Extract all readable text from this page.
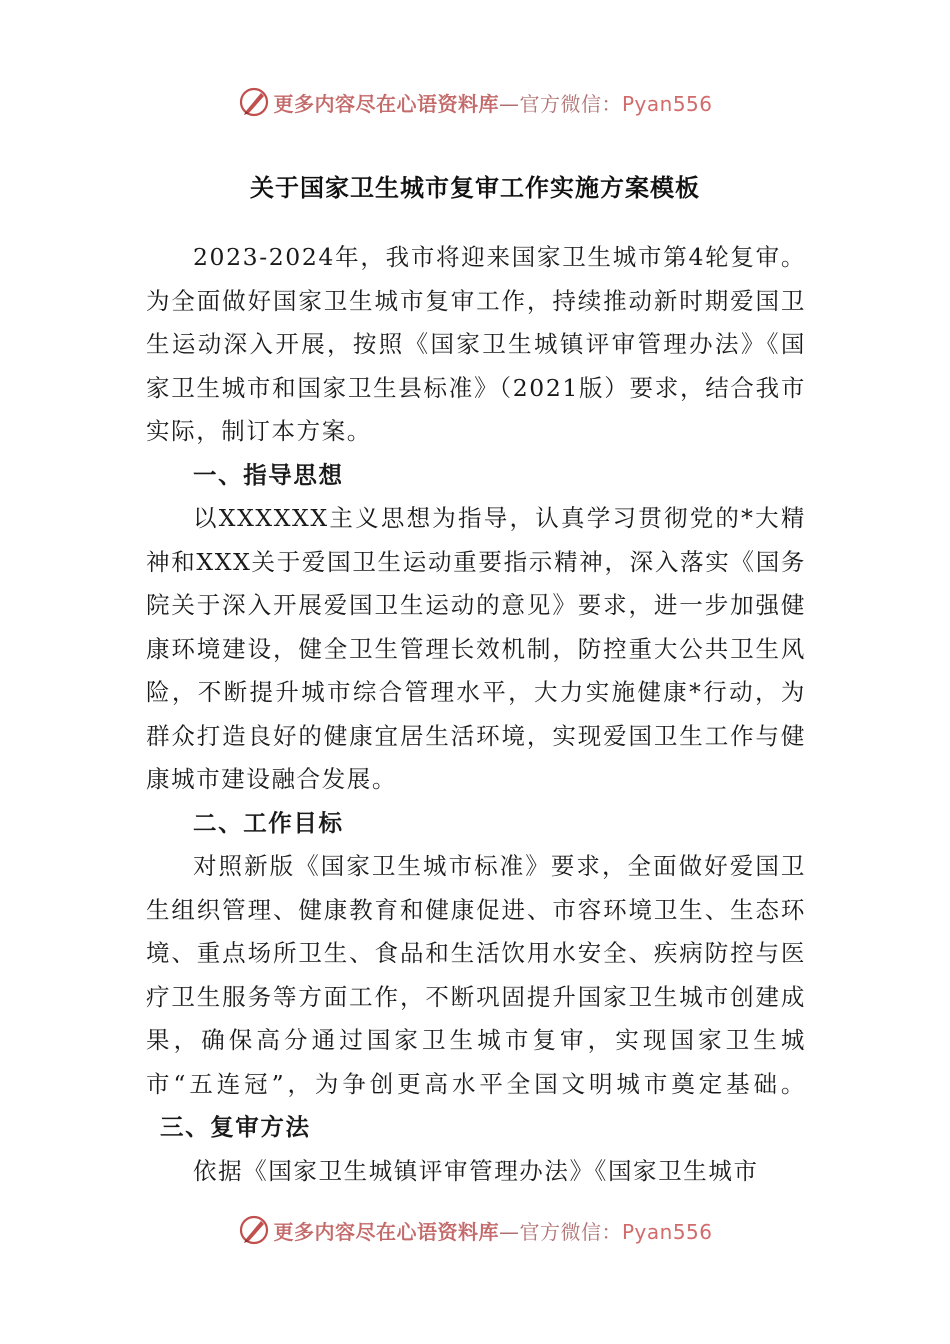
更多内容尽在心语资料库—官方微信：Pyan556
关于国家卫生城市复审工作实施方案模板

2023-2024年，我市将迎来国家卫生城市第4轮复审。为全面做好国家卫生城市复审工作，持续推动新时期爱国卫生运动深入开展，按照《国家卫生城镇评审管理办法》《国家卫生城市和国家卫生县标准》（2021版）要求，结合我市实际，制订本方案。

一、指导思想

以XXXXXX主义思想为指导，认真学习贯彻党的*大精神和XXX关于爱国卫生运动重要指示精神，深入落实《国务院关于深入开展爱国卫生运动的意见》要求，进一步加强健康环境建设，健全卫生管理长效机制，防控重大公共卫生风险，不断提升城市综合管理水平，大力实施健康*行动，为群众打造良好的健康宜居生活环境，实现爱国卫生工作与健康城市建设融合发展。

二、工作目标

对照新版《国家卫生城市标准》要求，全面做好爱国卫生组织管理、健康教育和健康促进、市容环境卫生、生态环境、重点场所卫生、食品和生活饮用水安全、疾病防控与医疗卫生服务等方面工作，不断巩固提升国家卫生城市创建成果，确保高分通过国家卫生城市复审，实现国家卫生城市“五连冠”，为争创更高水平全国文明城市奠定基础。三、复审方法

依据《国家卫生城镇评审管理办法》《国家卫生城市

更多内容尽在心语资料库—官方微信：Pyan556
